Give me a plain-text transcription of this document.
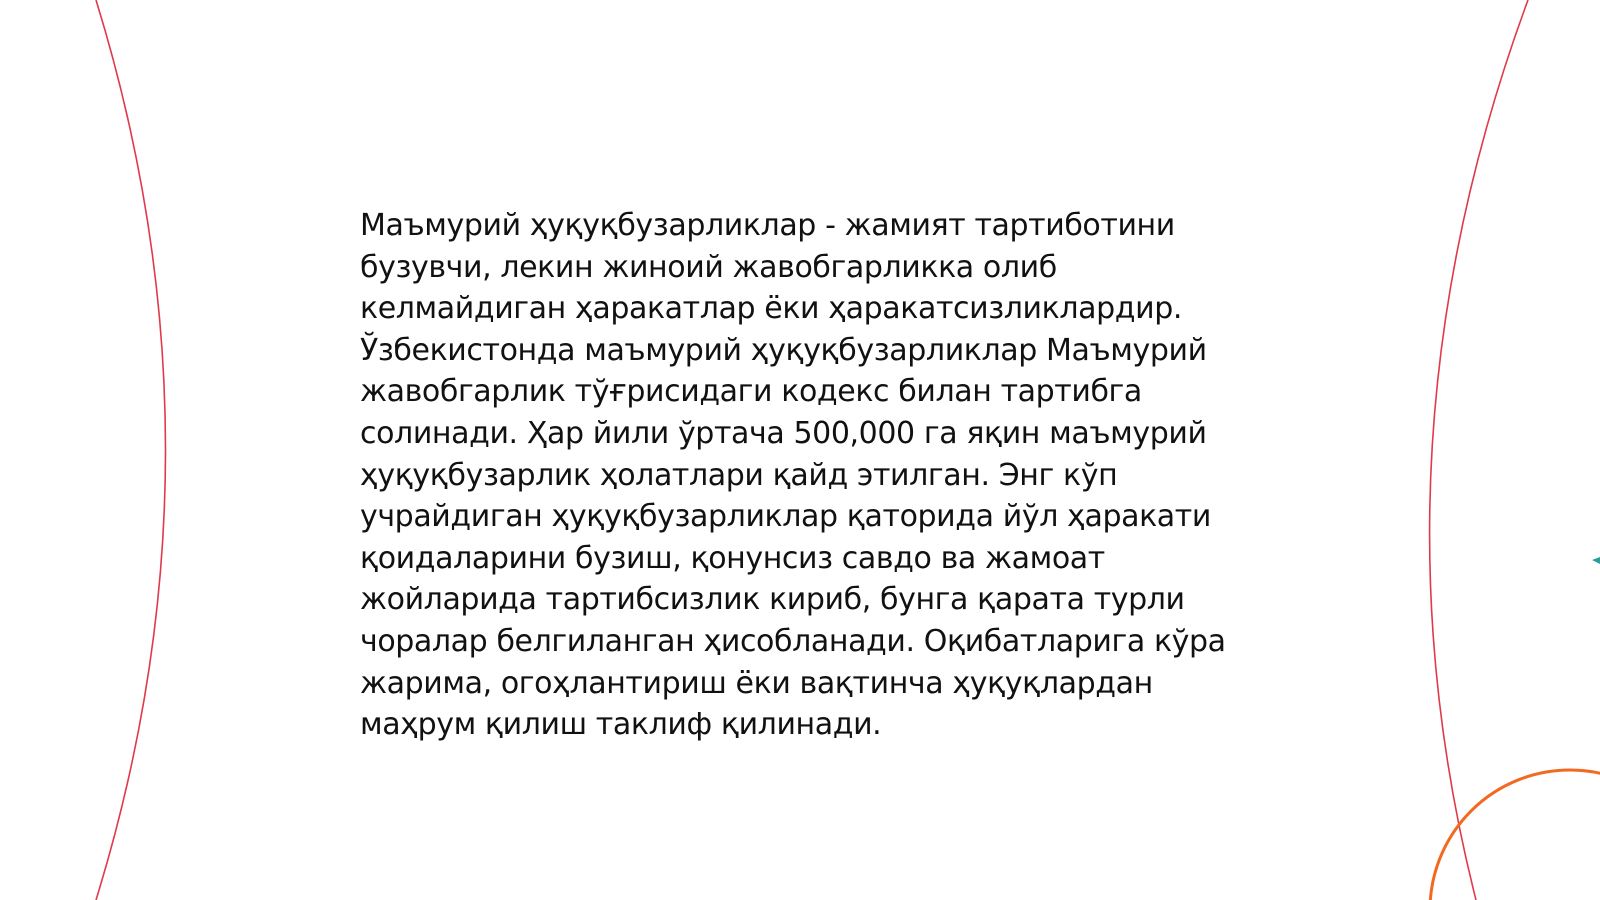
Маъмурий ҳуқуқбузарликлар - жамият тартиботини бузувчи, лекин жиноий жавобгарликка олиб келмайдиган ҳаракатлар ёки ҳаракатсизликлардир. Ўзбекистонда маъмурий ҳуқуқбузарликлар Маъмурий жавобгарлик тўғрисидаги кодекс билан тартибга солинади. Ҳар йили ўртача 500,000 га яқин маъмурий ҳуқуқбузарлик ҳолатлари қайд этилган. Энг кўп учрайдиган ҳуқуқбузарликлар қаторида йўл ҳаракати қоидаларини бузиш, қонунсиз савдо ва жамоат жойларида тартибсизлик кириб, бунга қарата турли чоралар белгиланган ҳисобланади. Оқибатларига кўра жарима, огоҳлантириш ёки вақтинча ҳуқуқлардан маҳрум қилиш таклиф қилинади.
